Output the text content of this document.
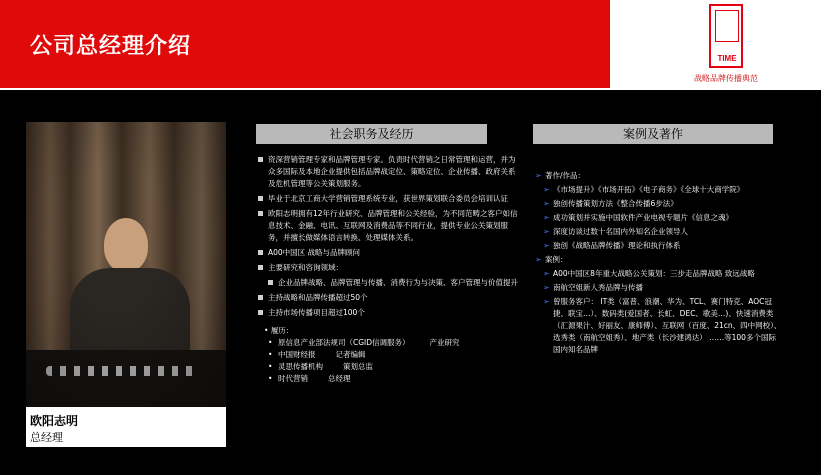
公司总经理介绍	TIME
战略品牌传播典范
欧阳志明
总经理
社会职务及经历	案例及著作
资深营销管理专家和品牌管理专家。负责时代营销之日常管理和运营，并为众多国际及本地企业提供包括品牌战定位、策略定位、企业传播、政府关系及危机管理等公关策划服务。
毕业于北京工商大学营销管理系统专业，获世界策划联合委员会培训认证
欧阳志明拥有12年行业研究、品牌管理和公关经验，为不同范畴之客户如信息技术、金融、电讯、互联网及消费品等不同行业，提供专业公关策划服务，并擅长做媒体语言转换、处理媒体关系。
A00中国区 战略与品牌顾问
主要研究和咨询领域：
企业品牌战略、品牌管理与传播、消费行为与决策、客户管理与价值提升
主持战略和品牌传播超过50个
主持市场传播项目超过100个
• 履历：
• 原信息产业部法规司（CGID信调服务）	产业研究
• 中国财经报	记者编辑
• 灵思传播机构	策划总监
• 时代营销	总经理
➢ 著作/作品：
➢ 《市场提升》《市场开拓》《电子商务》《全球十大商学院》
➢ 独创传播策划方法《整合传播6步法》
➢ 成功策划并实施中国软件产业电视专题片《信息之魂》
➢ 深度访谈过数十名国内外知名企业领导人
➢ 独创《战略品牌传播》理论和执行体系
➢ 案例：
➢ A00中国区8年重大战略公关策划：三步走品牌战略 致远战略
➢ 南航空姐新人秀品牌与传播
➢ 曾服务客户： IT类（富普、浪潮、华为、TCL、赛门特克、AOC冠捷、联宝…）、数码类(爱国者、长虹、DEC、歌美…)、快速消费类（汇源果汁、好丽友、康师傅）、互联网（百度、21cn、四中网校）、选秀类（南航空姐秀）、地产类（长沙建鸿达） ……等100多个国际国内知名品牌
